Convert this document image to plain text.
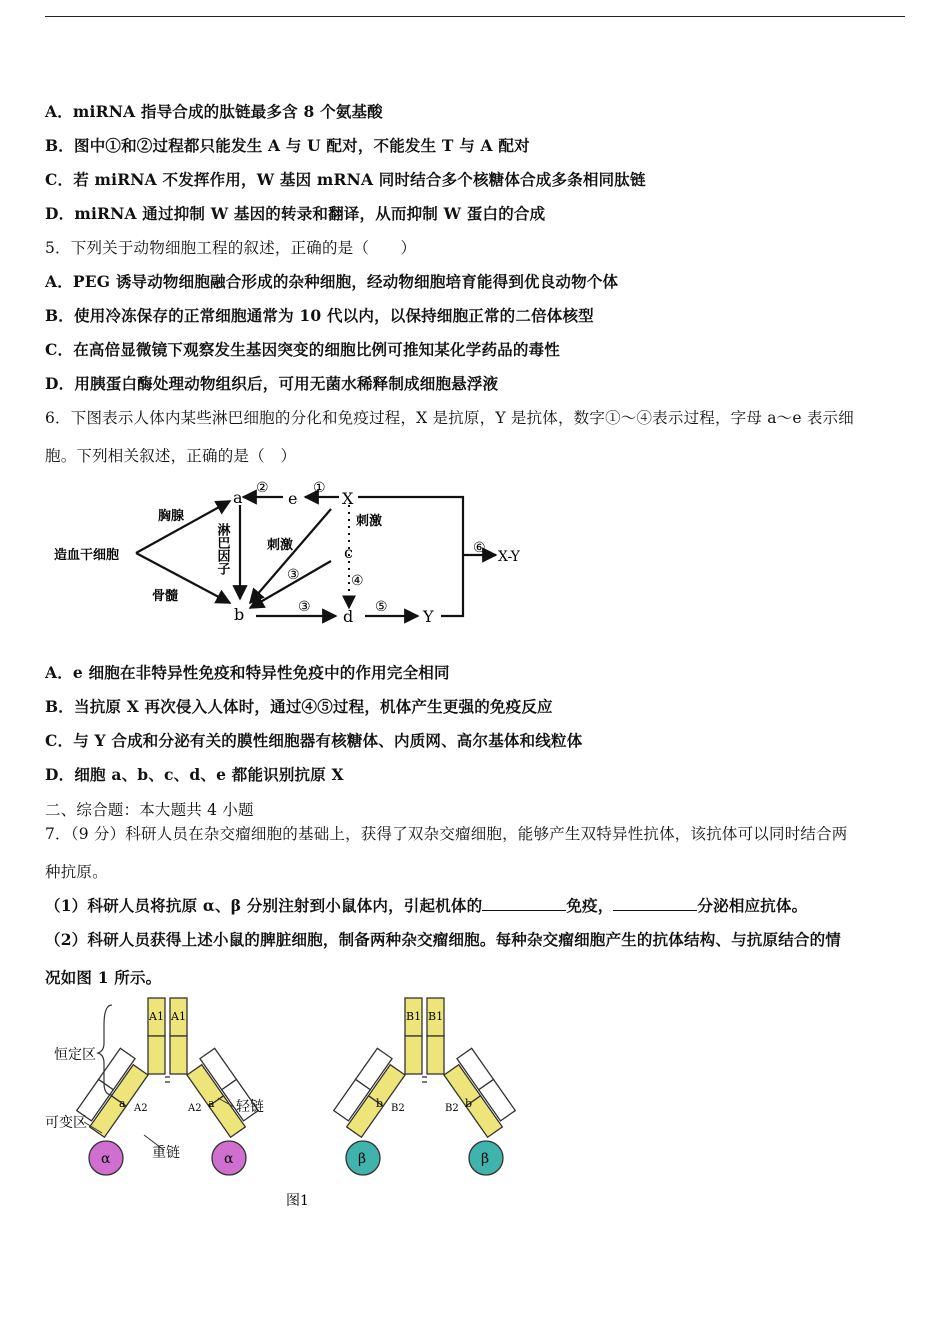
A．miRNA 指导合成的肽链最多含 8 个氨基酸
B．图中①和②过程都只能发生 A 与 U 配对，不能发生 T 与 A 配对
C．若 miRNA 不发挥作用，W 基因 mRNA 同时结合多个核糖体合成多条相同肽链
D．miRNA 通过抑制 W 基因的转录和翻译，从而抑制 W 蛋白的合成
5．下列关于动物细胞工程的叙述，正确的是（　　）
A．PEG 诱导动物细胞融合形成的杂种细胞，经动物细胞培育能得到优良动物个体
B．使用冷冻保存的正常细胞通常为 10 代以内，以保持细胞正常的二倍体核型
C．在高倍显微镜下观察发生基因突变的细胞比例可推知某化学药品的毒性
D．用胰蛋白酶处理动物组织后，可用无菌水稀释制成细胞悬浮液
6．下图表示人体内某些淋巴细胞的分化和免疫过程，X 是抗原，Y 是抗体，数字①～④表示过程，字母 a～e 表示细
胞。下列相关叙述，正确的是（　）
造血干细胞
胸腺
骨髓
淋巴因子	刺激
刺激
a
b
c
d
e	X
Y
X-Y
①
②
③
③
④
⑤
⑥
A．e 细胞在非特异性免疫和特异性免疫中的作用完全相同
B．当抗原 X 再次侵入人体时，通过④⑤过程，机体产生更强的免疫反应
C．与 Y 合成和分泌有关的膜性细胞器有核糖体、内质网、高尔基体和线粒体
D．细胞 a、b、c、d、e 都能识别抗原 X
二、综合题：本大题共 4 小题
7．（9 分）科研人员在杂交瘤细胞的基础上，获得了双杂交瘤细胞，能够产生双特异性抗体，该抗体可以同时结合两
种抗原。
（1）科研人员将抗原 α、β 分别注射到小鼠体内，引起机体的	免疫，	分泌相应抗体。
（2）科研人员获得上述小鼠的脾脏细胞，制备两种杂交瘤细胞。每种杂交瘤细胞产生的抗体结构、与抗原结合的情
况如图 1 所示。
恒定区
可变区
轻链
重链
A1 A1
A2	A2
a	a
α	α
B1 B1
B2	B2
b	b
β	β
图1
